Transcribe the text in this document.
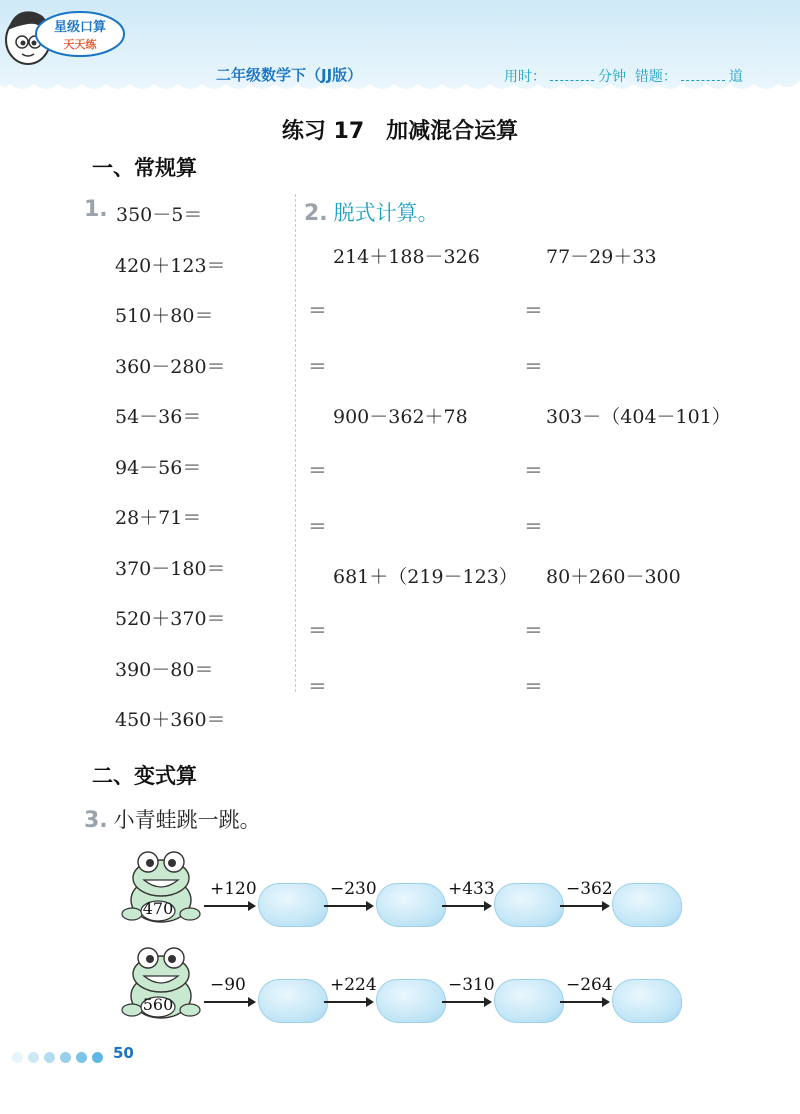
星级口算
天天练
二年级数学下（JJ版）	用时：	分钟 错题：	道
练习 17　加减混合运算
一、常规算
1. 350－5＝
420＋123＝
510＋80＝
360－280＝
54－36＝
94－56＝
28＋71＝
370－180＝
520＋370＝
390－80＝
450＋360＝
2. 脱式计算。
214＋188－326
＝
＝
77－29＋33
＝
＝
900－362＋78
＝
＝
303－（404－101）
＝
＝
681＋（219－123）
＝
＝
80＋260－300
＝
＝
二、变式算
3. 小青蛙跳一跳。
470
+120	−230	+433	−362
560
−90	+224	−310	−264
50
